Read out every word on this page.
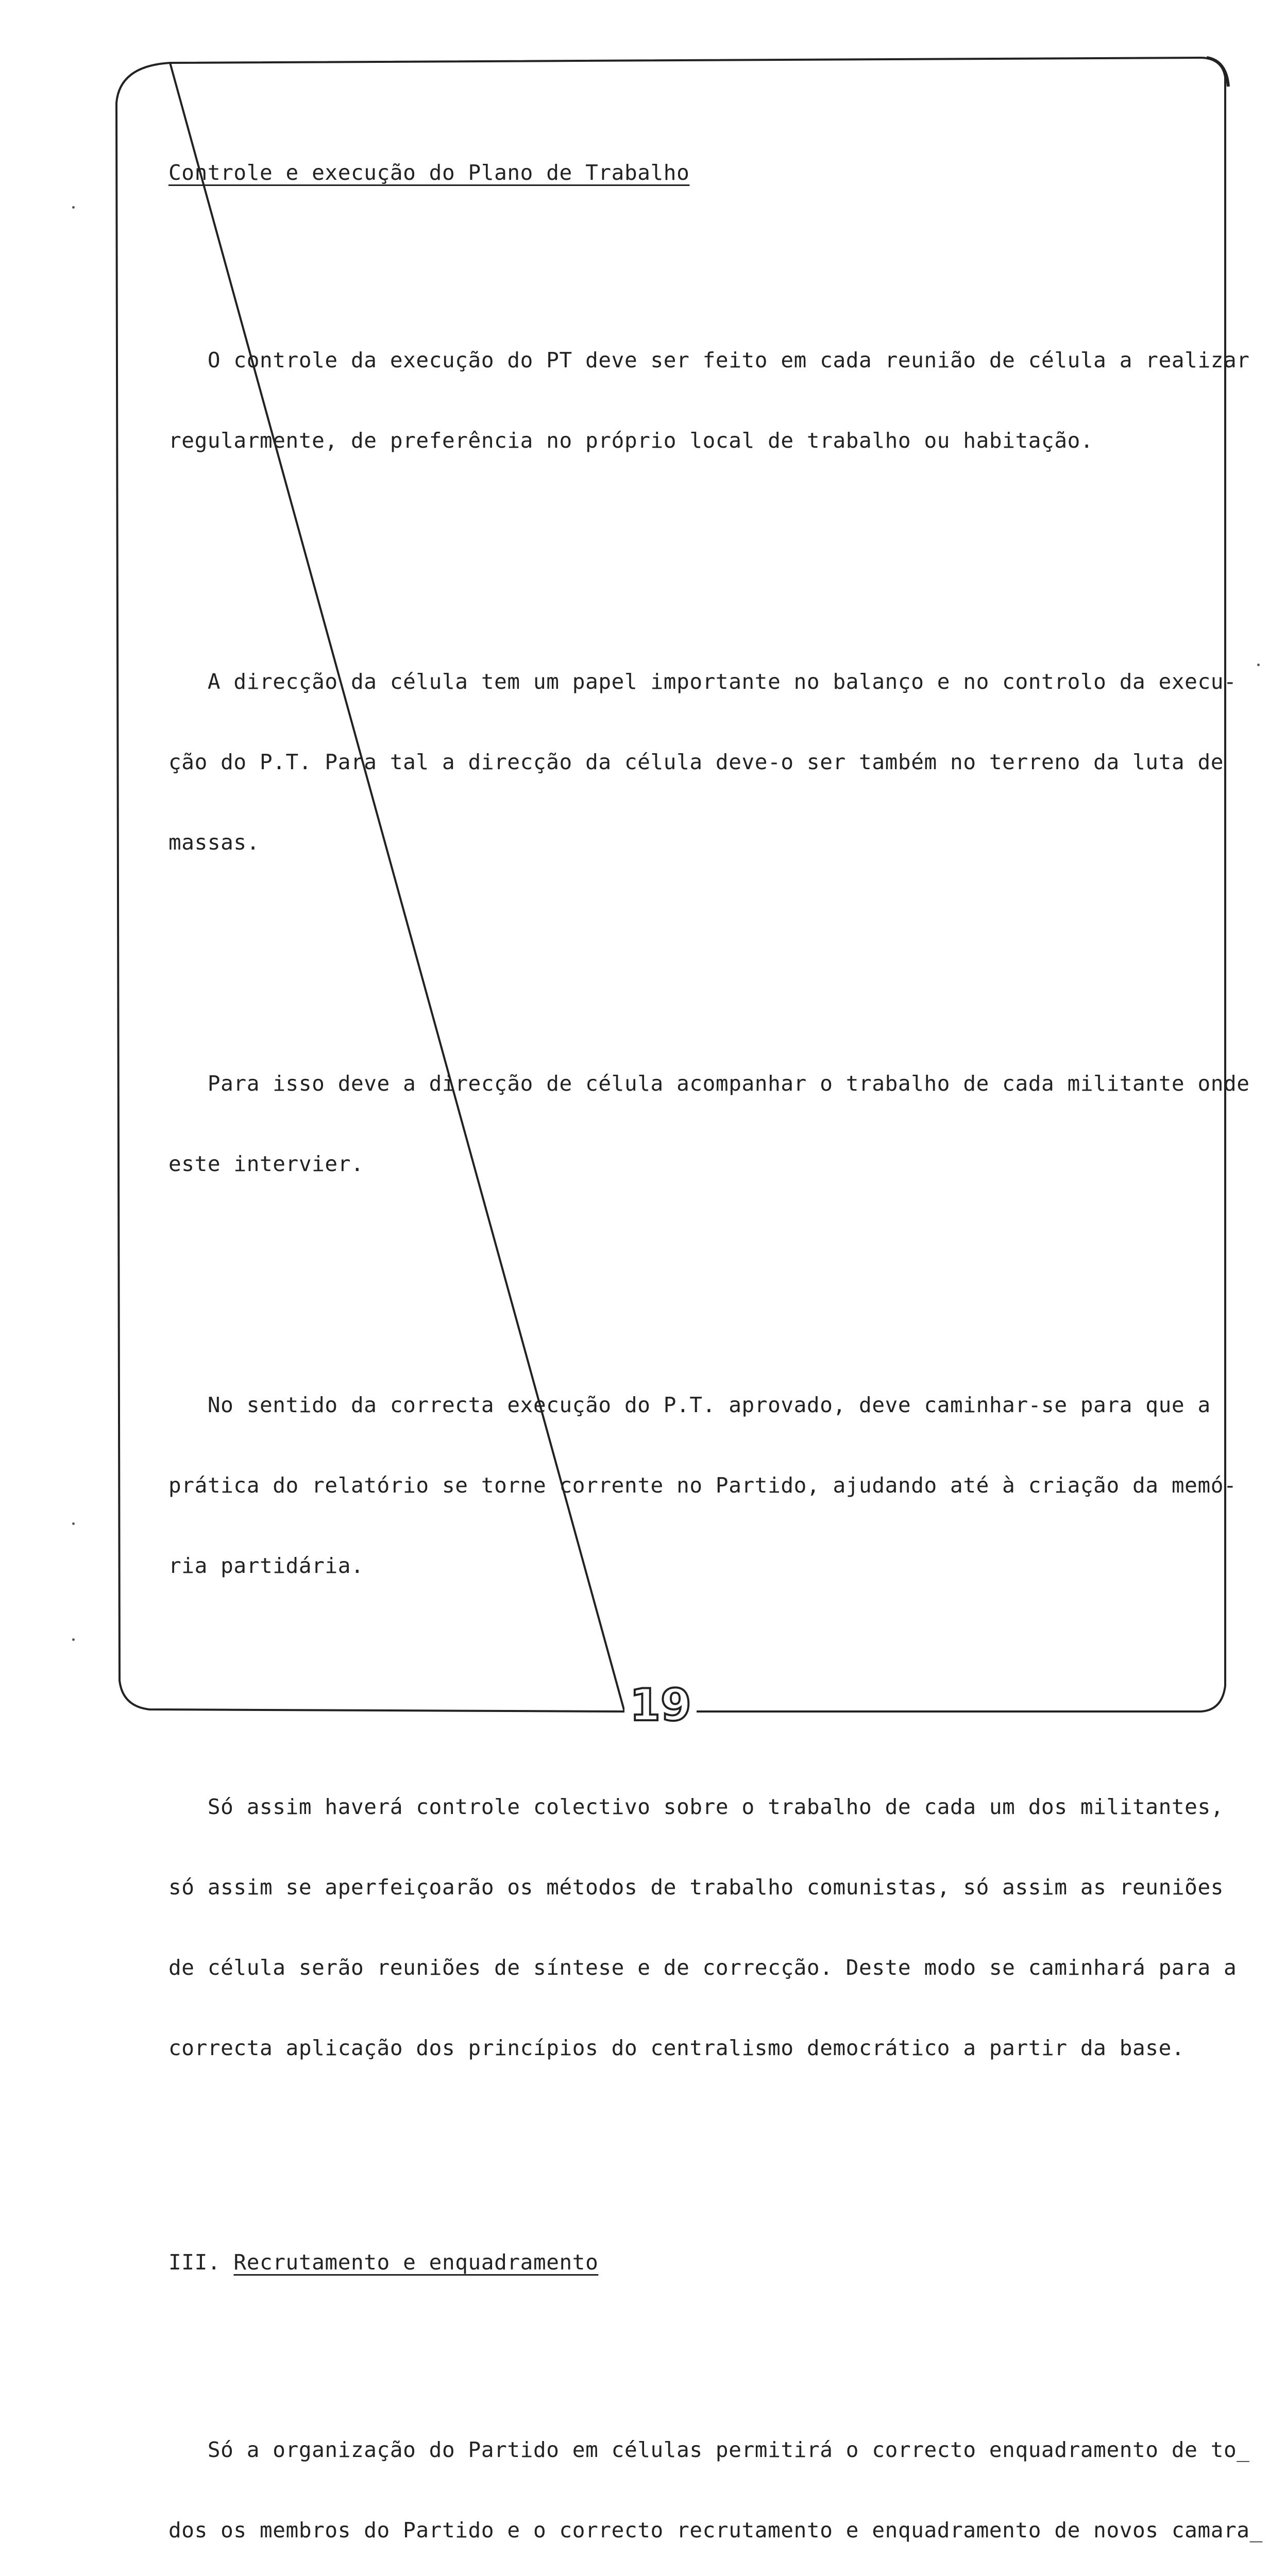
Controle e execução do Plano de Trabalho

O controle da execução do PT deve ser feito em cada reunião de célula a realizar

regularmente, de preferência no próprio local de trabalho ou habitação.

A direcção da célula tem um papel importante no balanço e no controlo da execu-

ção do P.T. Para tal a direcção da célula deve-o ser também no terreno da luta de

massas.

Para isso deve a direcção de célula acompanhar o trabalho de cada militante onde

este intervier.

No sentido da correcta execução do P.T. aprovado, deve caminhar-se para que a

prática do relatório se torne corrente no Partido, ajudando até à criação da memó-

ria partidária.

Só assim haverá controle colectivo sobre o trabalho de cada um dos militantes,

só assim se aperfeiçoarão os métodos de trabalho comunistas, só assim as reuniões

de célula serão reuniões de síntese e de correcção. Deste modo se caminhará para a

correcta aplicação dos princípios do centralismo democrático a partir da base.

III. Recrutamento e enquadramento

Só a organização do Partido em células permitirá o correcto enquadramento de to_

dos os membros do Partido e o correcto recrutamento e enquadramento de novos camara_

19
